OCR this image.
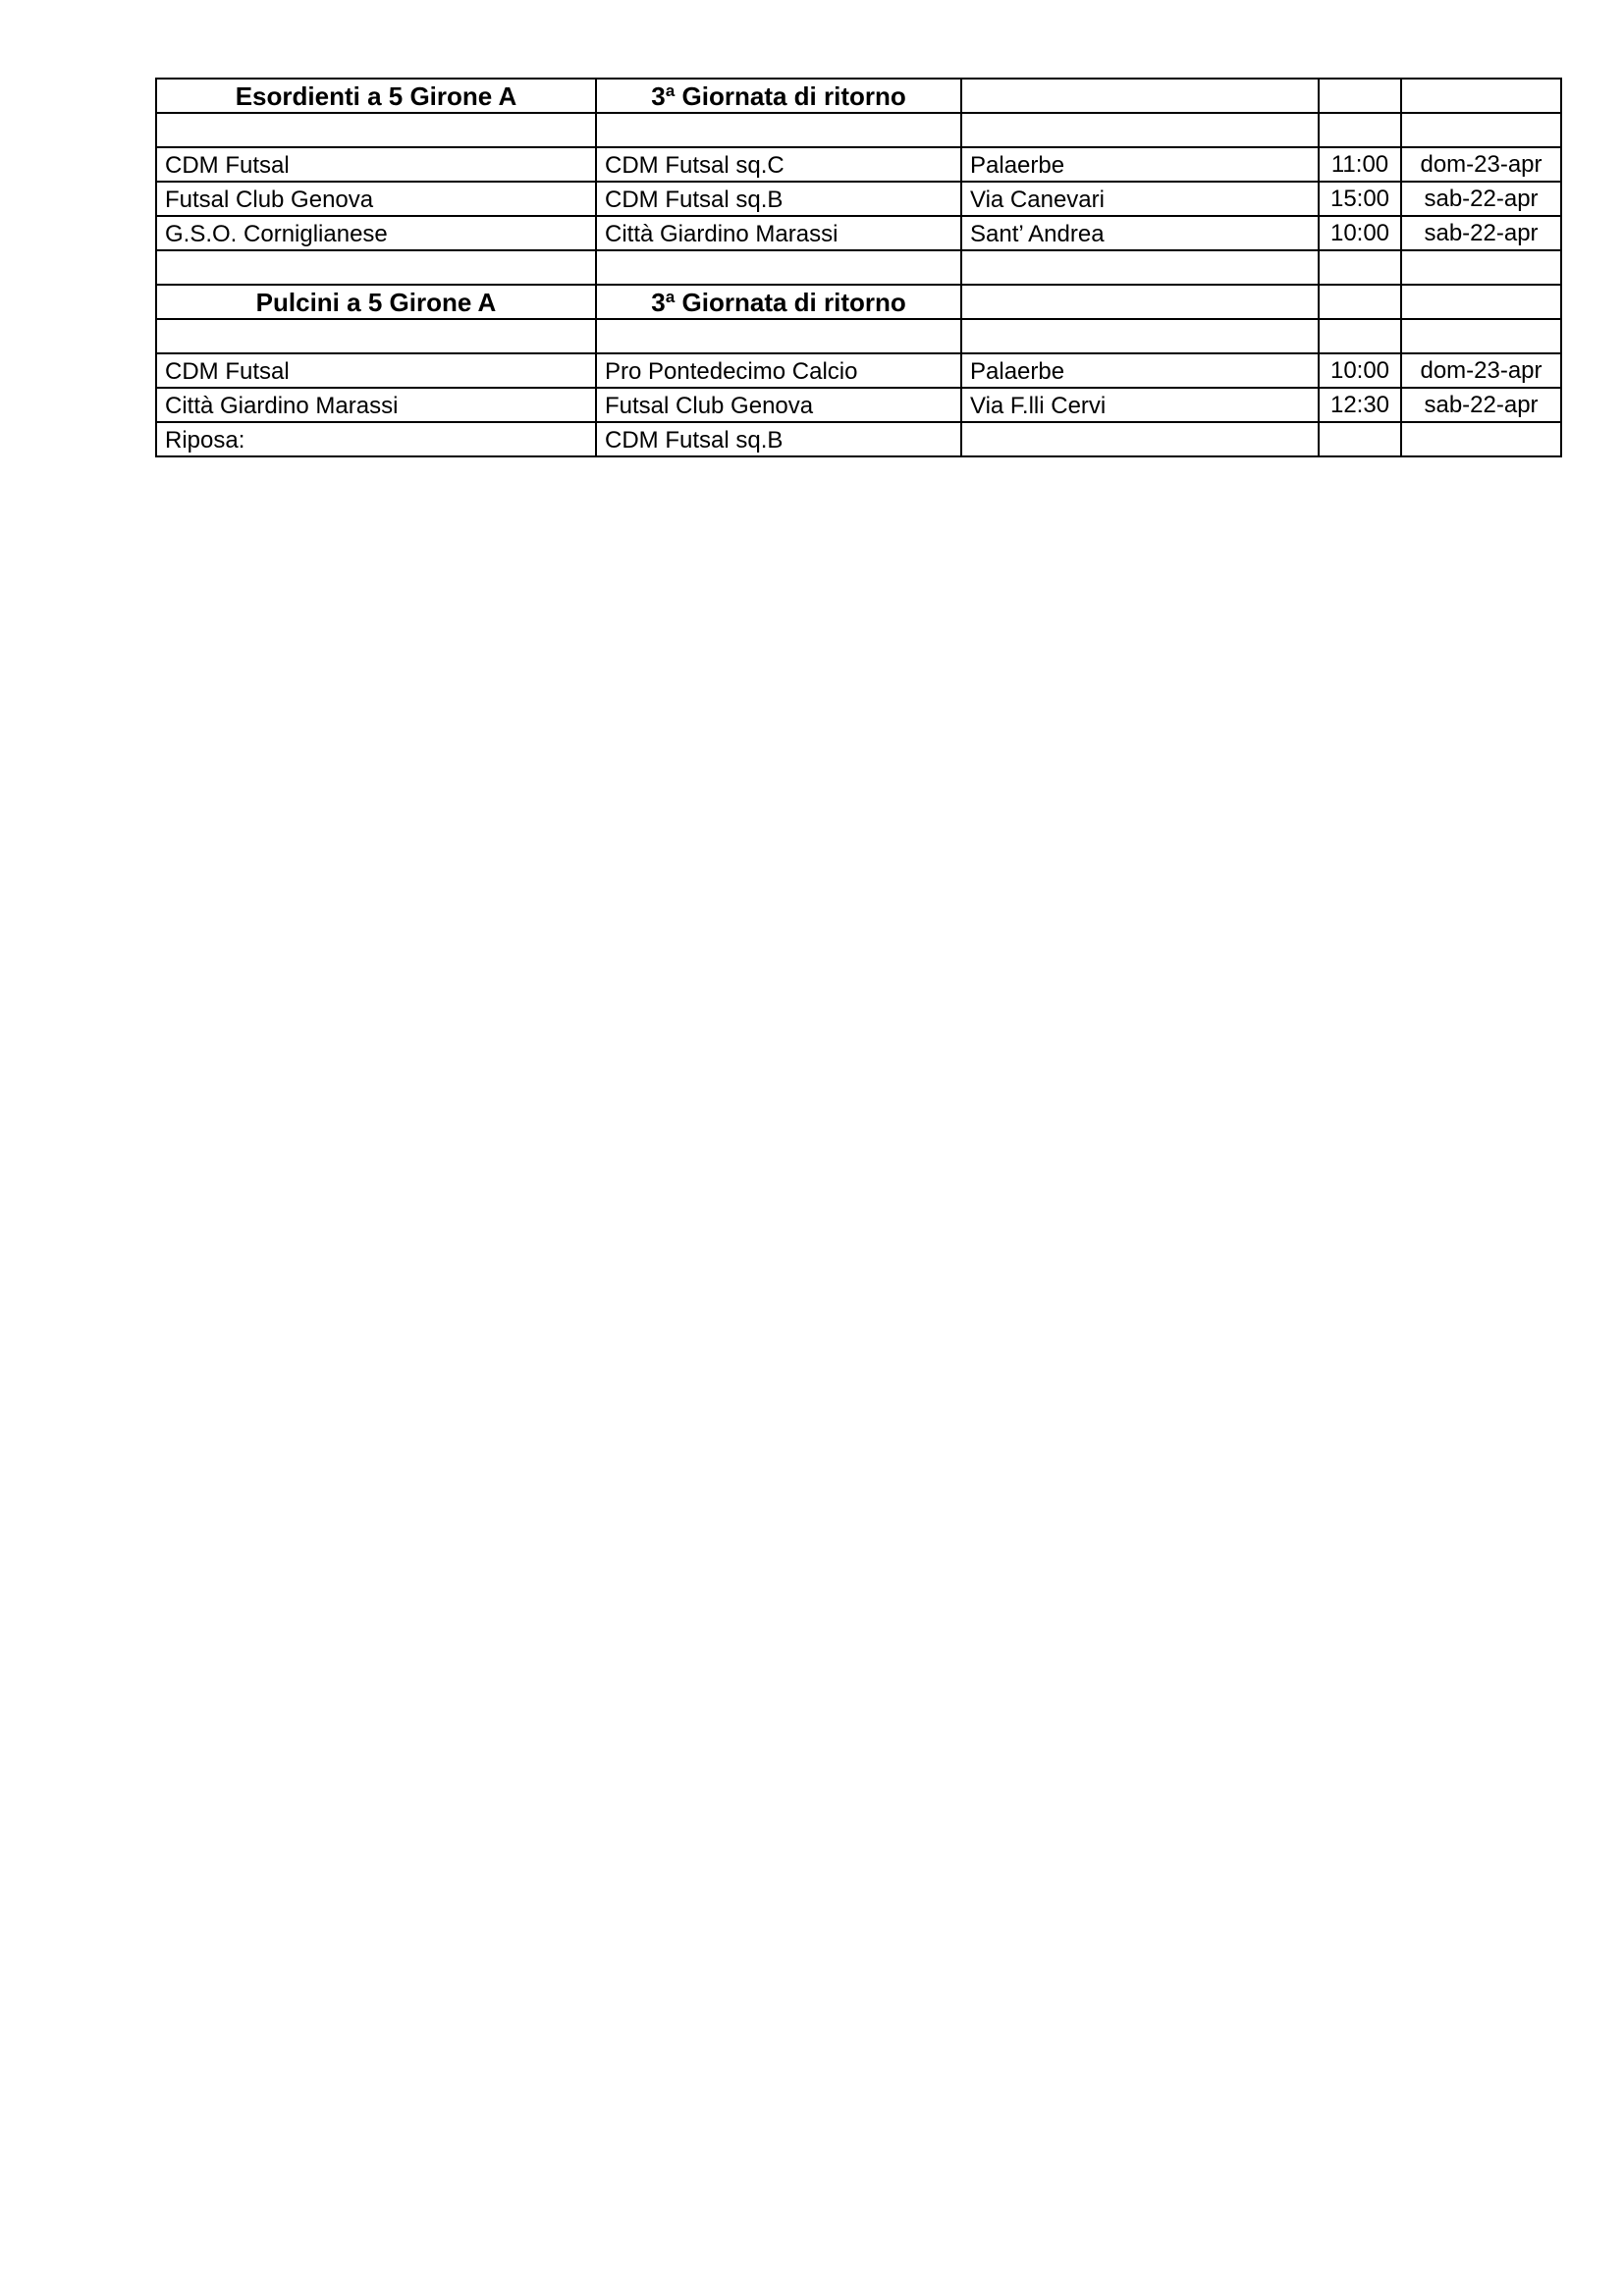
Esordienti a 5 Girone A	3ª Giornata di ritorno			

CDM Futsal	CDM Futsal sq.C	Palaerbe	11:00	dom-23-apr
Futsal Club Genova	CDM Futsal sq.B	Via Canevari	15:00	sab-22-apr
G.S.O. Corniglianese	Città Giardino Marassi	Sant’ Andrea	10:00	sab-22-apr

Pulcini a 5 Girone A	3ª Giornata di ritorno			

CDM Futsal	Pro Pontedecimo Calcio	Palaerbe	10:00	dom-23-apr
Città Giardino Marassi	Futsal Club Genova	Via F.lli Cervi	12:30	sab-22-apr
Riposa:	CDM Futsal sq.B			
